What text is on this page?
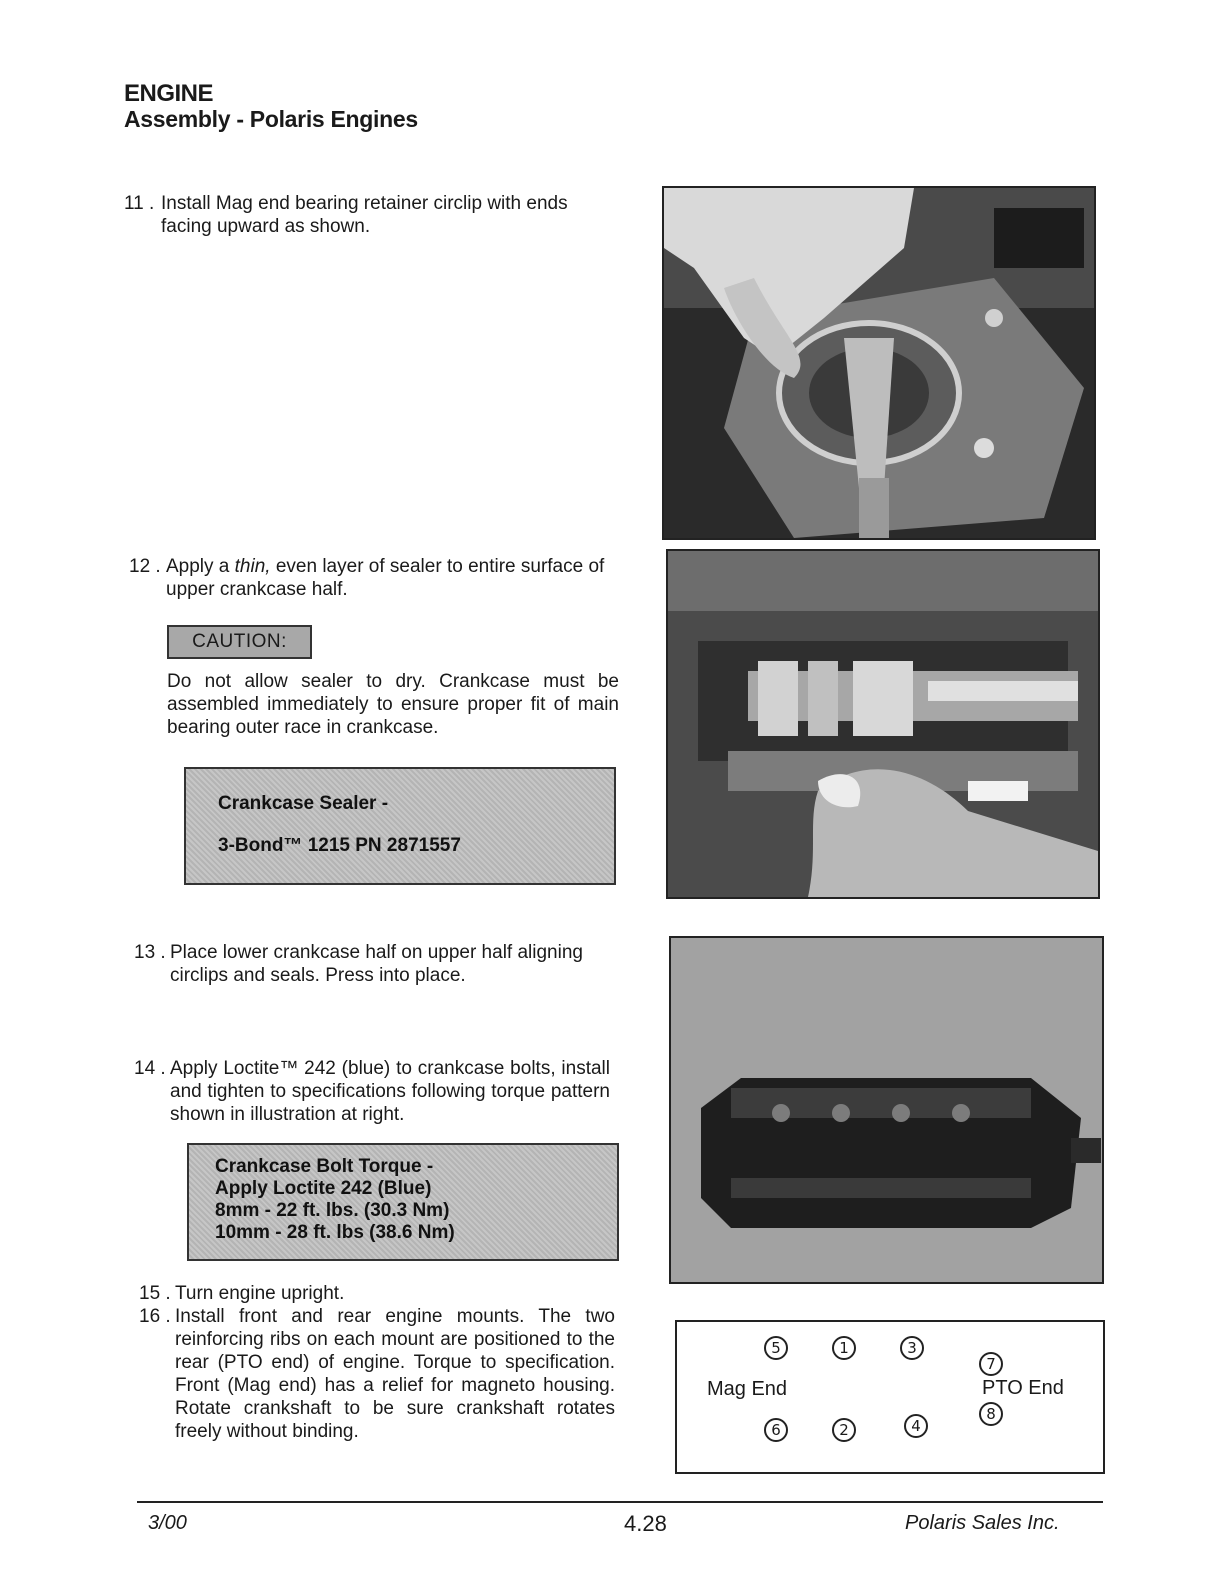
ENGINE
Assembly - Polaris Engines
11 . Install Mag end bearing retainer circlip with ends facing upward as shown.
12 . Apply a thin, even layer of sealer to entire surface of upper crankcase half.
CAUTION:
Do not allow sealer to dry. Crankcase must be assembled immediately to ensure proper fit of main bearing outer race in crankcase.
Crankcase Sealer -
3-Bond™ 1215 PN 2871557
13 . Place lower crankcase half on upper half aligning circlips and seals. Press into place.
14 . Apply Loctite™ 242 (blue) to crankcase bolts, install and tighten to specifications following torque pattern shown in illustration at right.
Crankcase Bolt Torque -
Apply Loctite 242 (Blue)
8mm - 22 ft. lbs. (30.3 Nm)
10mm - 28 ft. lbs (38.6 Nm)
15 . Turn engine upright.
16 . Install front and rear engine mounts. The two reinforcing ribs on each mount are positioned to the rear (PTO end) of engine. Torque to specification. Front (Mag end) has a relief for magneto housing. Rotate crankshaft to be sure crankshaft rotates freely without binding.
5	1	3
7
6	2	4
8
Mag End	PTO End
3/00	4.28	Polaris Sales Inc.
